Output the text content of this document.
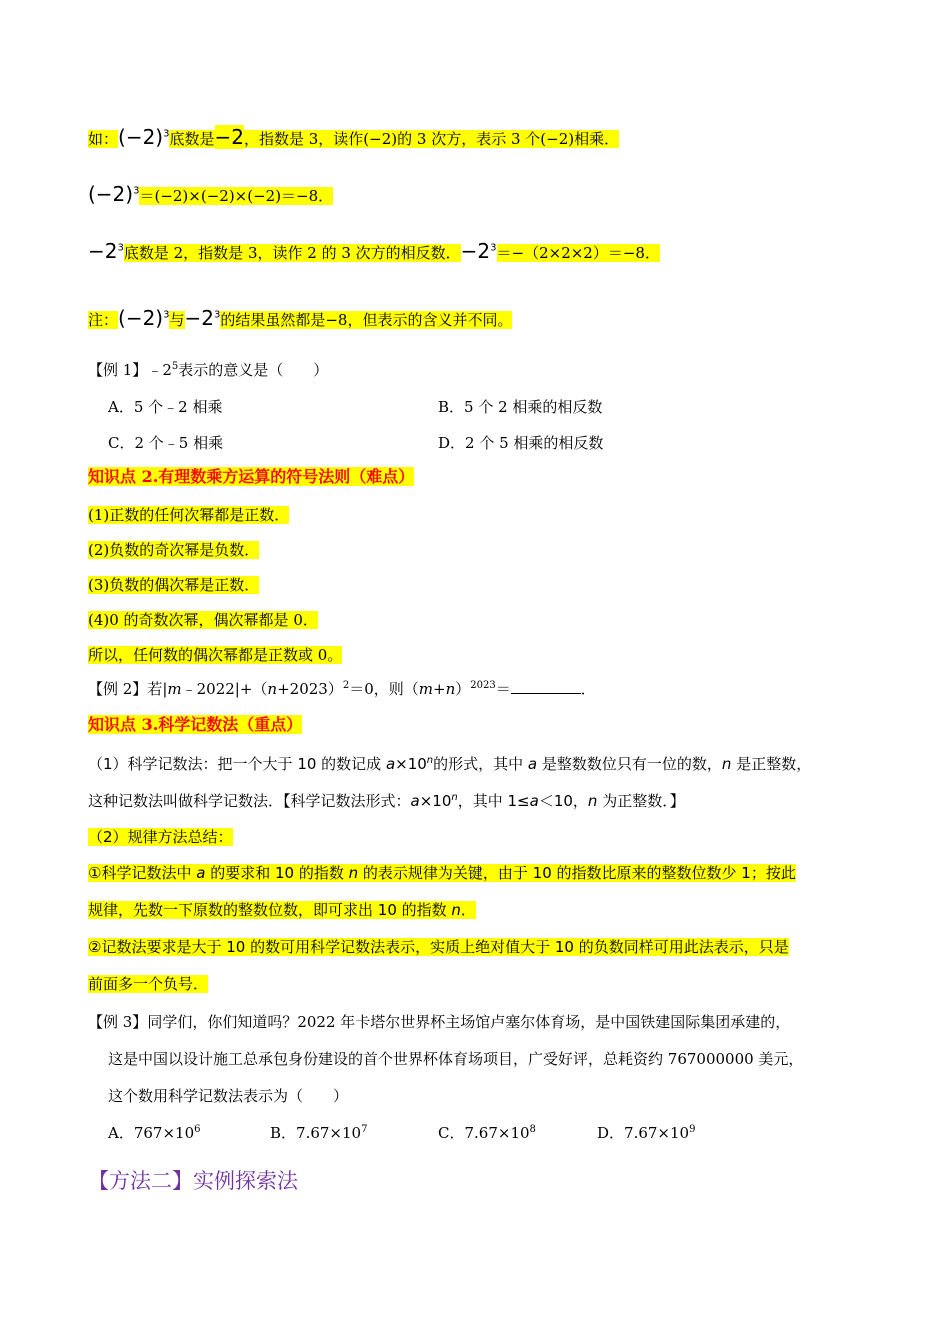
如：$(-2)^3$底数是−2，指数是 3，读作(−2)的 3 次方，表示 3 个(−2)相乘．
$(-2)^3=(-2)\times(-2)\times(-2)=-8$．
$-2^3$底数是 2，指数是 3，读作 2 的 3 次方的相反数．$-2^3=-(2\times 2\times 2)=-8$．
注：$(-2)^3$与$-2^3$的结果虽然都是−8，但表示的含义并不同。
【例 1】$﹣2^5$表示的意义是（　　）
A．5 个﹣2 相乘	B．5 个 2 相乘的相反数
C．2 个﹣5 相乘	D．2 个 5 相乘的相反数
知识点 2.有理数乘方运算的符号法则（难点）
(1)正数的任何次幂都是正数．
(2)负数的奇次幂是负数．
(3)负数的偶次幂是正数．
(4)0 的奇数次幂，偶次幂都是 0．
所以，任何数的偶次幂都是正数或 0。
【例 2】若$|m﹣2022|+(n+2023)^2=0$，则$(m+n)^{2023}=$	．
知识点 3.科学记数法（重点）
（1）科学记数法：把一个大于 10 的数记成 $a\times 10^n$的形式，其中 a 是整数数位只有一位的数，n 是正整数，
这种记数法叫做科学记数法．【科学记数法形式：$a\times 10^n$，其中 1≤a＜10，n 为正整数．】
（2）规律方法总结：
①科学记数法中 a 的要求和 10 的指数 n 的表示规律为关键，由于 10 的指数比原来的整数位数少 1；按此
规律，先数一下原数的整数位数，即可求出 10 的指数 n．
②记数法要求是大于 10 的数可用科学记数法表示，实质上绝对值大于 10 的负数同样可用此法表示，只是
前面多一个负号．
【例 3】同学们，你们知道吗？2022 年卡塔尔世界杯主场馆卢塞尔体育场，是中国铁建国际集团承建的，
这是中国以设计施工总承包身份建设的首个世界杯体育场项目，广受好评，总耗资约 767000000 美元，
这个数用科学记数法表示为（　　）
A．$767\times 10^6$	B．$7.67\times 10^7$	C．$7.67\times 10^8$	D．$7.67\times 10^9$
【方法二】实例探索法
